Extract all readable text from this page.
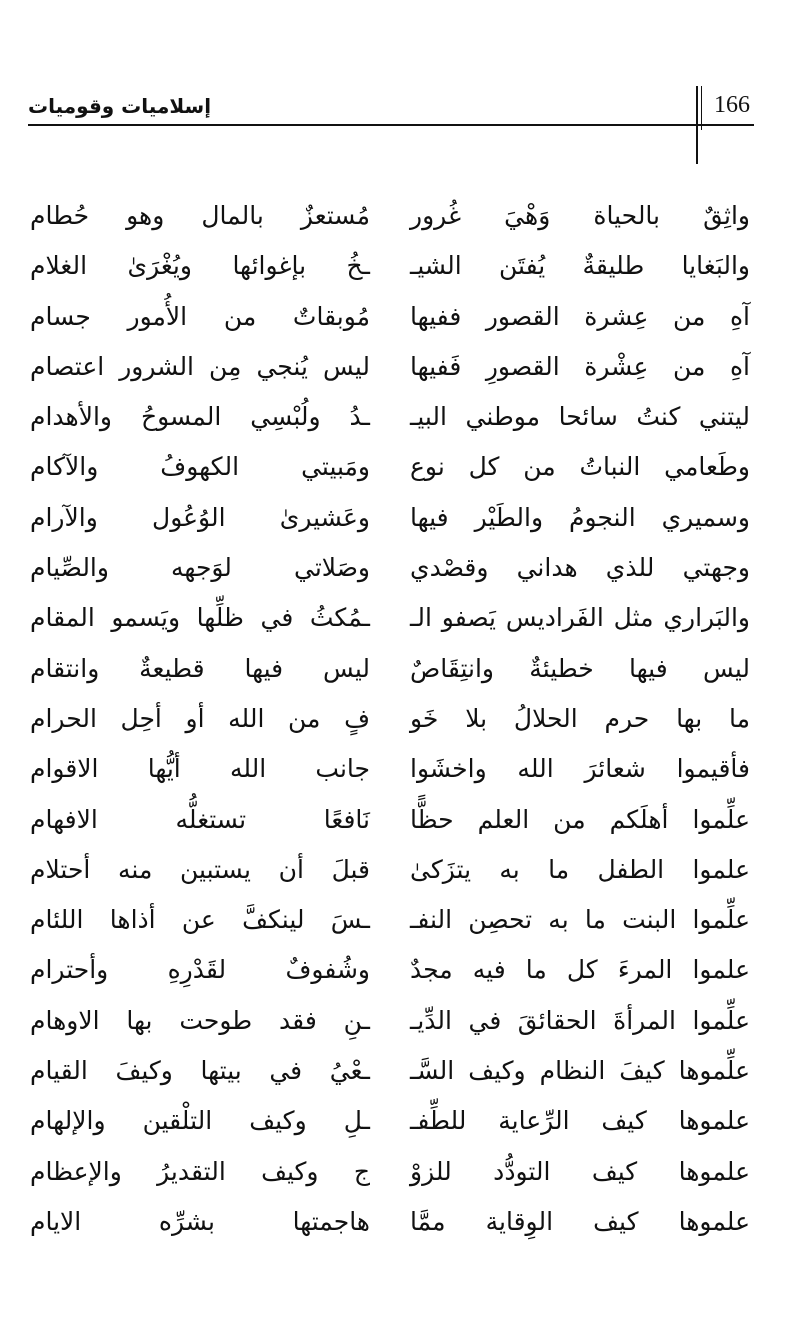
166
إسلاميات وقوميات
واثِقٌ بالحياة وَهْيَ غُرور
مُستعزٌ بالمال وهو حُطام
والبَغايا طليقةٌ يُفتَن الشيـ
ـخُ بإغوائها ويُغْرَىٰ الغلام
آهِ من عِشرة القصور ففيها
مُوبقاتٌ من الأُمور جسام
آهِ من عِشْرة القصورِ فَفيها
ليس يُنجي مِن الشرور اعتصام
ليتني كنتُ سائحا موطني البيـ
ـدُ ولُبْسِي المسوحُ والأهدام
وطَعامي النباتُ من كل نوع
ومَبيتي الكهوفُ والآكام
وسميري النجومُ والطَيْر فيها
وعَشيرىٰ الوُعُول والآرام
وجهتي للذي هداني وقصْدي
وصَلاتي لوَجهه والصِّيام
والبَراري مثل الفَراديس يَصفو الـ
ـمُكثُ في ظلِّها ويَسمو المقام
ليس فيها خطيئةٌ وانتِقَاصٌ
ليس فيها قطيعةٌ وانتقام
ما بها حرم الحلالُ بلا خَو
فٍ من الله أو أحِل الحرام
فأقيموا شعائرَ الله واخشَوا
جانب الله أيُّها الاقوام
علِّموا أهلَكم من العلم حظًّا
نَافعًا تستغلُّه الافهام
علموا الطفل ما به يتزَكىٰ
قبلَ أن يستبين منه أحتلام
علِّموا البنت ما به تحصِن النفـ
ـسَ لينكفَّ عن أذاها اللئام
علموا المرءَ كل ما فيه مجدٌ
وشُفوفٌ لقَدْرِهِ وأحترام
علِّموا المرأةَ الحقائقَ في الدِّيـ
ـنِ فقد طوحت بها الاوهام
علِّموها كيفَ النظام وكيف السَّـ
ـعْيُ في بيتها وكيفَ القيام
علموها كيف الرِّعاية للطِّفـ
ـلِ وكيف التلْقين والإلهام
علموها كيف التودُّد للزوْ
ج وكيف التقديرُ والإعظام
علموها كيف الوِقاية ممَّا
هاجمتها بشرِّه الايام
